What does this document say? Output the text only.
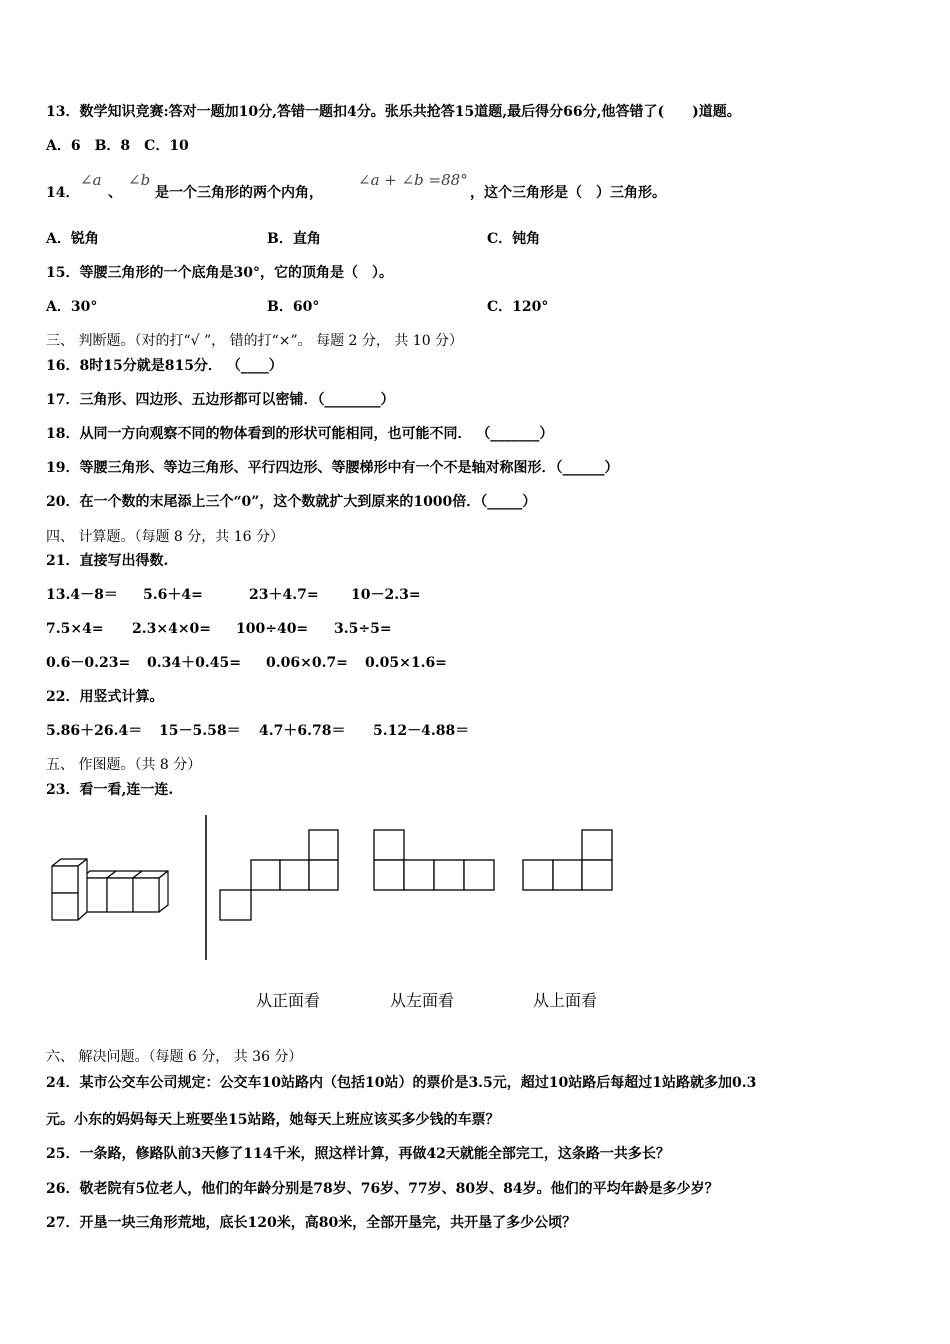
13．数学知识竞赛:答对一题加10分,答错一题扣4分。张乐共抢答15道题,最后得分66分,他答错了(　　)道题。
A．6　B．8　C．10
14．
∠a
、
∠b
是一个三角形的两个内角，
∠a + ∠b =88°
，这个三角形是（　）三角形。
A．锐角	B．直角	C．钝角
15．等腰三角形的一个底角是30°，它的顶角是（　）。
A．30°	B．60°	C．120°
三、 判断题。（对的打“√ ”， 错的打“×”。 每题 2 分， 共 10 分）
16．8时15分就是815分． （____）
17．三角形、四边形、五边形都可以密铺．（________）
18．从同一方向观察不同的物体看到的形状可能相同，也可能不同． （_______）
19．等腰三角形、等边三角形、平行四边形、等腰梯形中有一个不是轴对称图形．（______）
20．在一个数的末尾添上三个“0”，这个数就扩大到原来的1000倍．（_____）
四、 计算题。（每题 8 分，共 16 分）
21．直接写出得数.
13.4－8＝ 5.6＋4=	23＋4.7= 10－2.3=
7.5×4= 2.3×4×0= 100÷40= 3.5÷5=
0.6－0.23= 0.34＋0.45= 0.06×0.7= 0.05×1.6=
22．用竖式计算。
5.86＋26.4＝ 15－5.58＝ 4.7＋6.78＝ 5.12－4.88＝
五、 作图题。（共 8 分）
23．看一看,连一连.
从正面看	从左面看	从上面看
六、 解决问题。（每题 6 分， 共 36 分）
24．某市公交车公司规定：公交车10站路内（包括10站）的票价是3.5元，超过10站路后每超过1站路就多加0.3
元。小东的妈妈每天上班要坐15站路，她每天上班应该买多少钱的车票？
25．一条路，修路队前3天修了114千米，照这样计算，再做42天就能全部完工，这条路一共多长？
26．敬老院有5位老人，他们的年龄分别是78岁、76岁、77岁、80岁、84岁。他们的平均年龄是多少岁？
27．开垦一块三角形荒地，底长120米，高80米，全部开垦完，共开垦了多少公顷？
